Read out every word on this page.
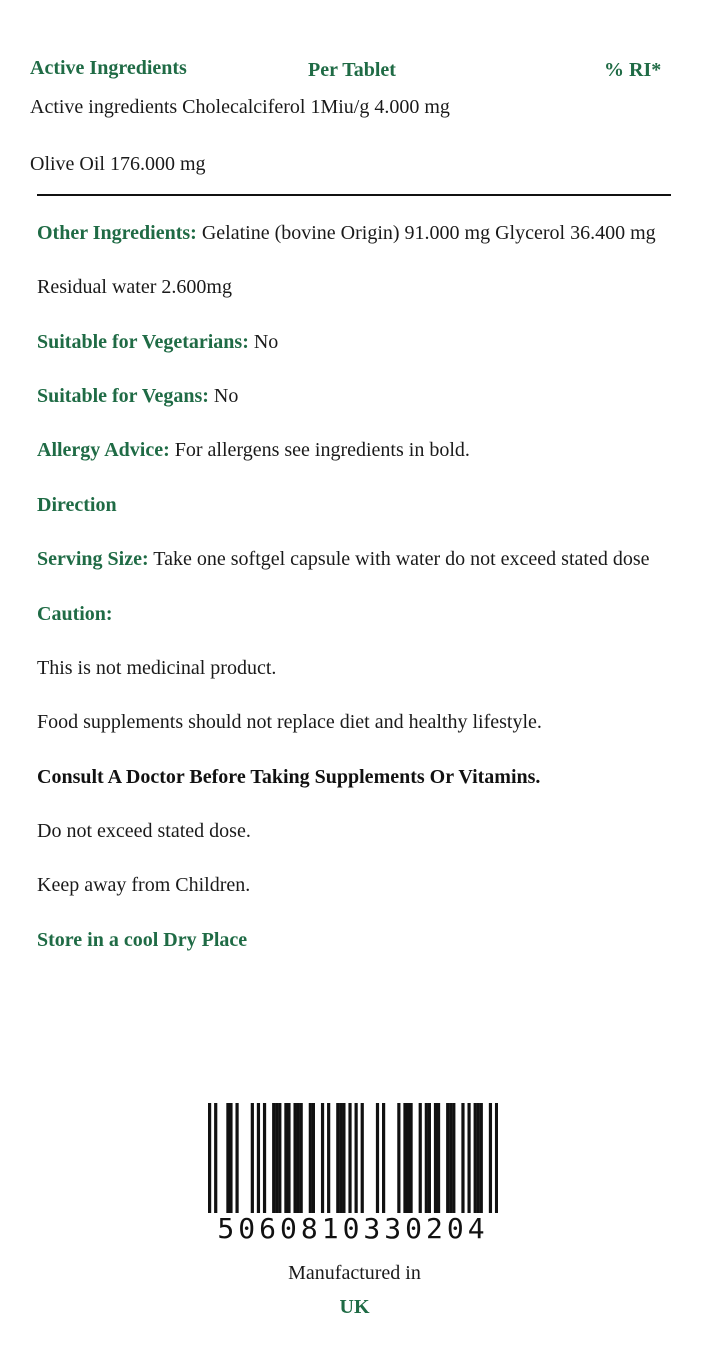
Active Ingredients	Per Tablet	% RI*
Active ingredients Cholecalciferol 1Miu/g 4.000 mg
Olive Oil 176.000 mg
Other Ingredients: Gelatine (bovine Origin) 91.000 mg Glycerol 36.400 mg
Residual water 2.600mg
Suitable for Vegetarians: No
Suitable for Vegans: No
Allergy Advice: For allergens see ingredients in bold.
Direction
Serving Size: Take one softgel capsule with water do not exceed stated dose
Caution:
This is not medicinal product.
Food supplements should not replace diet and healthy lifestyle.
Consult A Doctor Before Taking Supplements Or Vitamins.
Do not exceed stated dose.
Keep away from Children.
Store in a cool Dry Place
5060810330204
Manufactured in
UK
